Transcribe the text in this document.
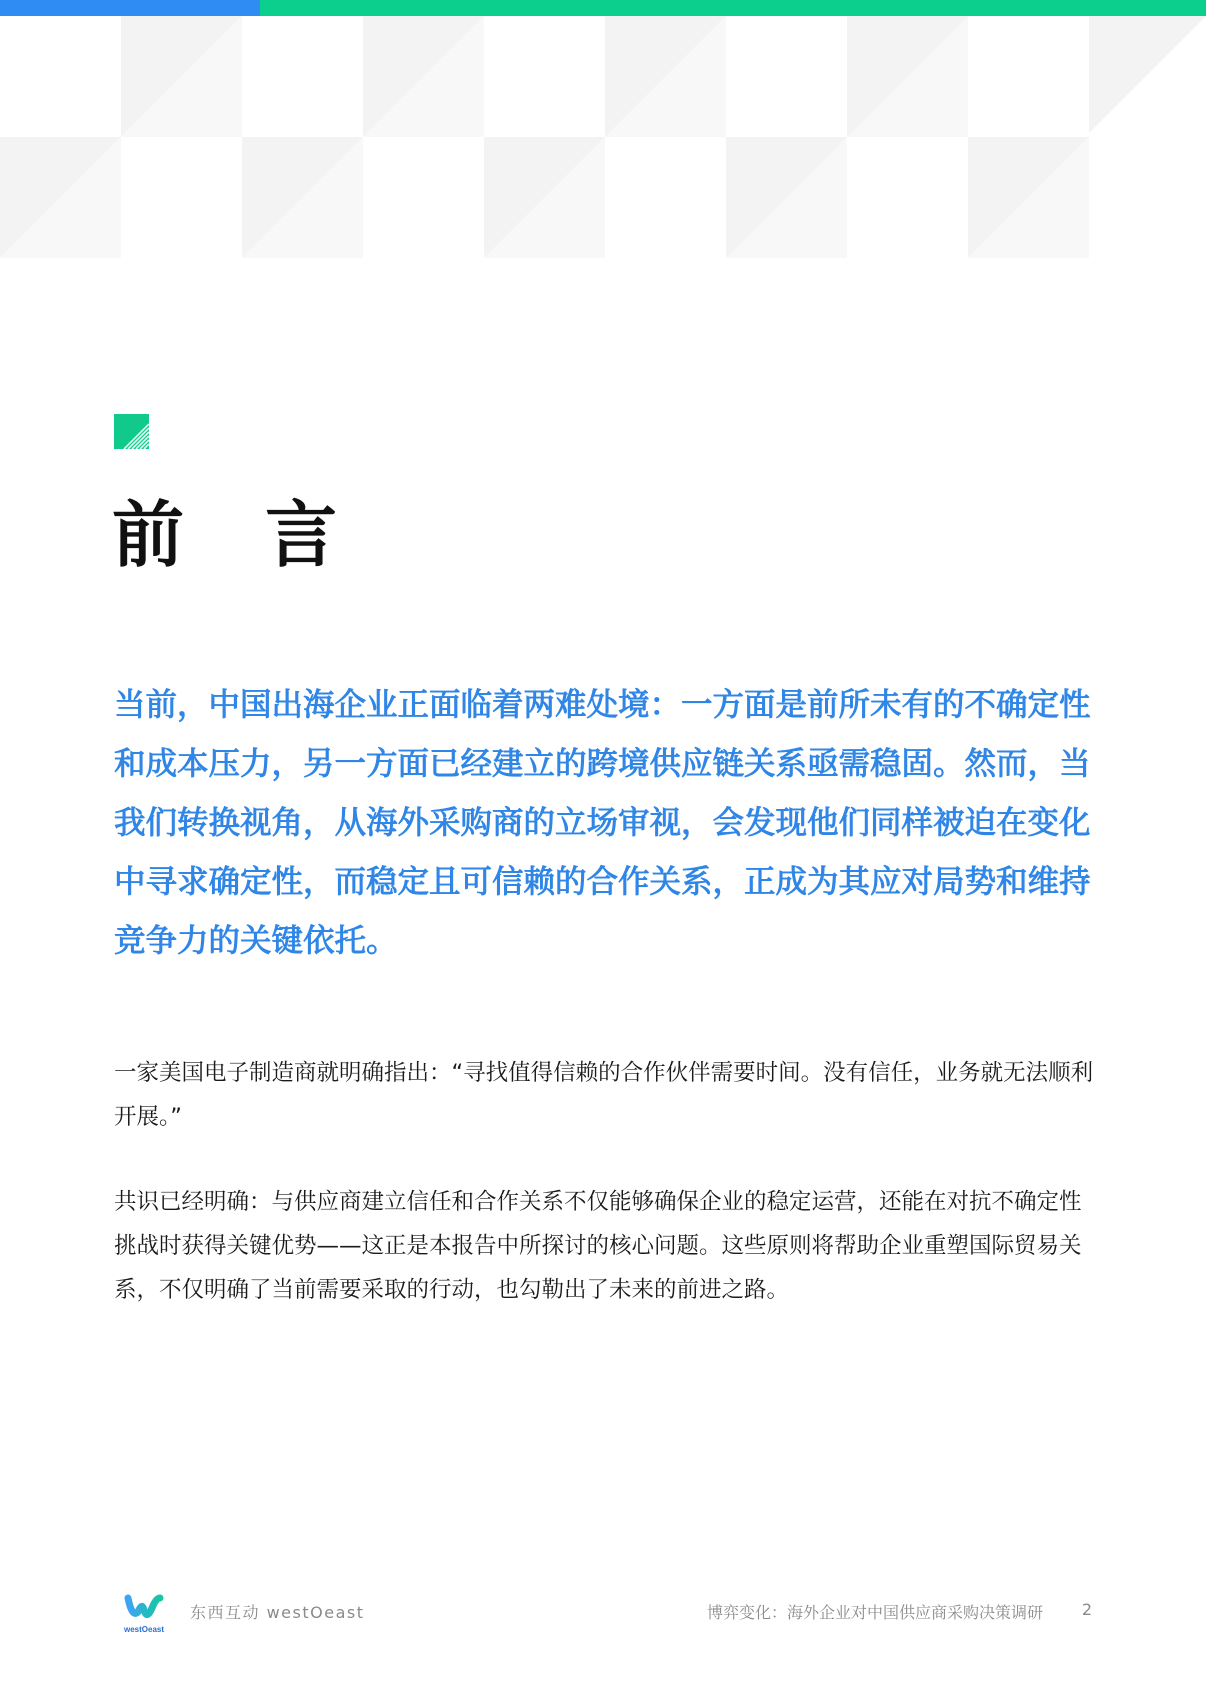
前 言

当前，中国出海企业正面临着两难处境：一方面是前所未有的不确定性和成本压力，另一方面已经建立的跨境供应链关系亟需稳固。然而，当我们转换视角，从海外采购商的立场审视，会发现他们同样被迫在变化中寻求确定性，而稳定且可信赖的合作关系，正成为其应对局势和维持竞争力的关键依托。

一家美国电子制造商就明确指出：“寻找值得信赖的合作伙伴需要时间。没有信任，业务就无法顺利开展。”

共识已经明确：与供应商建立信任和合作关系不仅能够确保企业的稳定运营，还能在对抗不确定性挑战时获得关键优势——这正是本报告中所探讨的核心问题。这些原则将帮助企业重塑国际贸易关系，不仅明确了当前需要采取的行动，也勾勒出了未来的前进之路。

westOeast
东西互动 westOeast	博弈变化：海外企业对中国供应商采购决策调研 2
